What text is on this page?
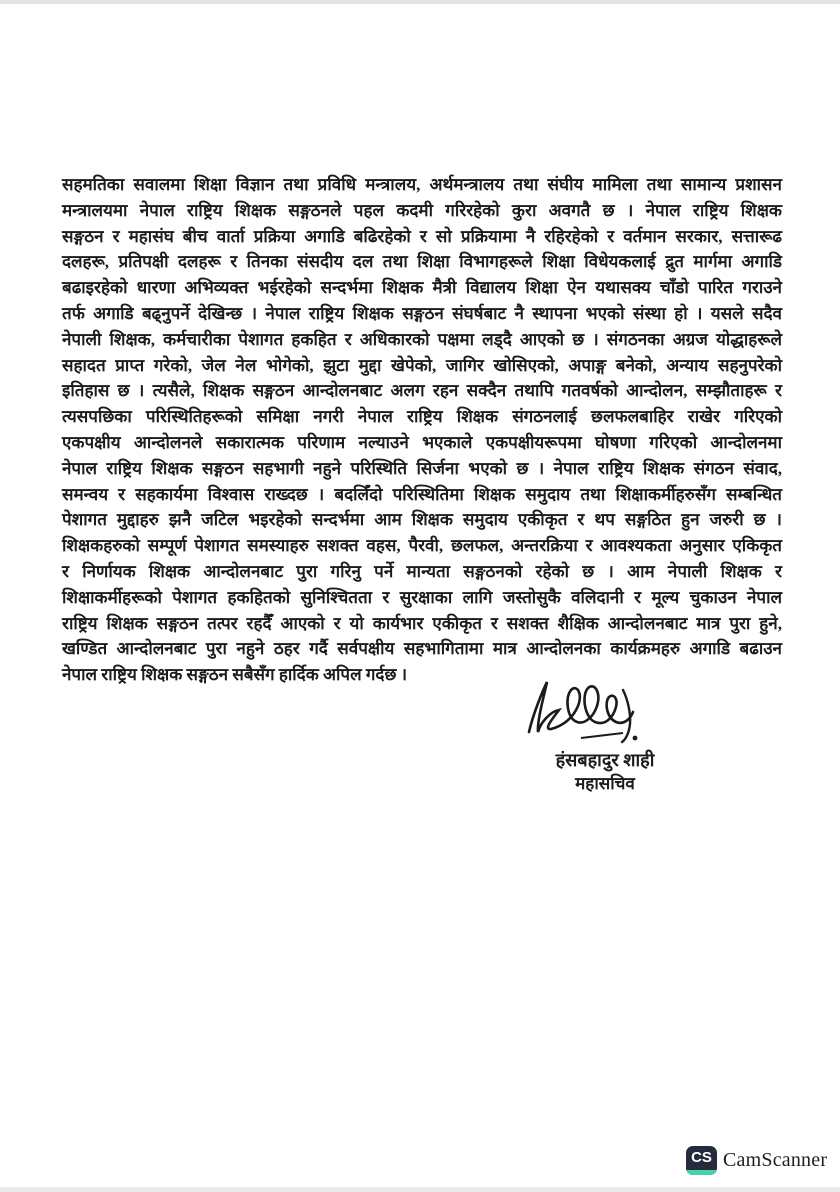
सहमतिका सवालमा शिक्षा विज्ञान तथा प्रविधि मन्त्रालय, अर्थमन्त्रालय तथा संघीय मामिला तथा सामान्य प्रशासन
मन्त्रालयमा नेपाल राष्ट्रिय शिक्षक सङ्गठनले पहल कदमी गरिरहेको कुरा अवगतै छ । नेपाल राष्ट्रिय शिक्षक
सङ्गठन र महासंघ बीच वार्ता प्रक्रिया अगाडि बढिरहेको र सो प्रक्रियामा नै रहिरहेको र वर्तमान सरकार, सत्तारूढ
दलहरू, प्रतिपक्षी दलहरू र तिनका संसदीय दल तथा शिक्षा विभागहरूले शिक्षा विधेयकलाई द्रुत मार्गमा अगाडि
बढाइरहेको धारणा अभिव्यक्त भईरहेको सन्दर्भमा शिक्षक मैत्री विद्यालय शिक्षा ऐन यथासक्य चाँडो पारित गराउने
तर्फ अगाडि बढ्नुपर्ने देखिन्छ । नेपाल राष्ट्रिय शिक्षक सङ्गठन संघर्षबाट नै स्थापना भएको संस्था हो । यसले सदैव
नेपाली शिक्षक, कर्मचारीका पेशागत हकहित र अधिकारको पक्षमा लड्दै आएको छ । संगठनका अग्रज योद्धाहरूले
सहादत प्राप्त गरेको, जेल नेल भोगेको, झुटा मुद्दा खेपेको, जागिर खोसिएको, अपाङ्ग बनेको, अन्याय सहनुपरेको
इतिहास छ । त्यसैले, शिक्षक सङ्गठन आन्दोलनबाट अलग रहन सक्दैन तथापि गतवर्षको आन्दोलन, सम्झौताहरू र
त्यसपछिका परिस्थितिहरूको समिक्षा नगरी नेपाल राष्ट्रिय शिक्षक संगठनलाई छलफलबाहिर राखेर गरिएको
एकपक्षीय आन्दोलनले सकारात्मक परिणाम नल्याउने भएकाले एकपक्षीयरूपमा घोषणा गरिएको आन्दोलनमा
नेपाल राष्ट्रिय शिक्षक सङ्गठन सहभागी नहुने परिस्थिति सिर्जना भएको छ । नेपाल राष्ट्रिय शिक्षक संगठन संवाद,
समन्वय र सहकार्यमा विश्वास राख्दछ । बदलिँदो परिस्थितिमा शिक्षक समुदाय तथा शिक्षाकर्मीहरुसँग सम्बन्धित
पेशागत मुद्दाहरु झनै जटिल भइरहेको सन्दर्भमा आम शिक्षक समुदाय एकीकृत र थप सङ्गठित हुन जरुरी छ ।
शिक्षकहरुको सम्पूर्ण पेशागत समस्याहरु सशक्त वहस, पैरवी, छलफल, अन्तरक्रिया र आवश्यकता अनुसार एकिकृत
र निर्णायक शिक्षक आन्दोलनबाट पुरा गरिनु पर्ने मान्यता सङ्गठनको रहेको छ । आम नेपाली शिक्षक र
शिक्षाकर्मीहरूको पेशागत हकहितको सुनिश्चितता र सुरक्षाका लागि जस्तोसुकै वलिदानी र मूल्य चुकाउन नेपाल
राष्ट्रिय शिक्षक सङ्गठन तत्पर रहदैँ आएको र यो कार्यभार एकीकृत र सशक्त शैक्षिक आन्दोलनबाट मात्र पुरा हुने,
खण्डित आन्दोलनबाट पुरा नहुने ठहर गर्दै सर्वपक्षीय सहभागितामा मात्र आन्दोलनका कार्यक्रमहरु अगाडि बढाउन
नेपाल राष्ट्रिय शिक्षक सङ्गठन सबैसँग हार्दिक अपिल गर्दछ ।
हंसबहादुर शाही
महासचिव
CS CamScanner
